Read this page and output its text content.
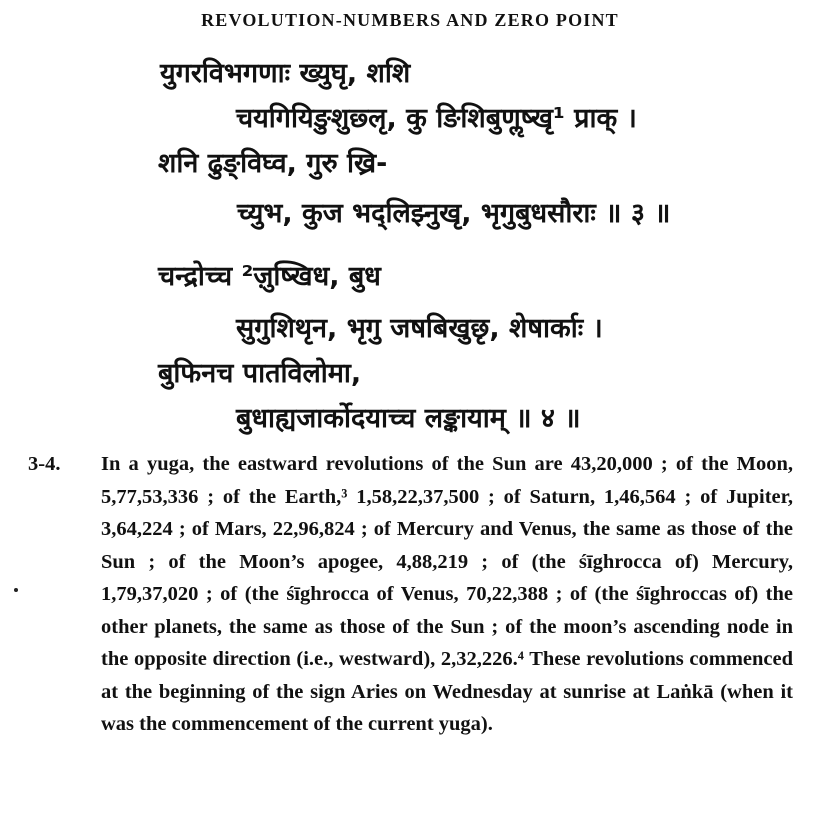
REVOLUTION-NUMBERS AND ZERO POINT
युगरविभगणाः ख्युघृ, शशि
चयगियिङुशुछ्लृ, कु ङिशिबुणॢष्खृ¹ प्राक् ।
शनि ढुङ्विघ्व, गुरु ख्रि-
च्युभ, कुज भद्लिझ्नुखृ, भृगुबुधसौराः ॥ ३ ॥
चन्द्रोच्च ²ज़ुष्खिध, बुध
सुगुशिथृन, भृगु जषबिखुछृ, शेषार्काः ।
बुफिनच पातविलोमा,
बुधाह्यजार्कोदयाच्च लङ्कायाम् ॥ ४ ॥
3-4. In a yuga, the eastward revolutions of the Sun are 43,20,000 ; of the Moon, 5,77,53,336 ; of the Earth,³ 1,58,22,37,500 ; of Saturn, 1,46,564 ; of Jupiter, 3,64,224 ; of Mars, 22,96,824 ; of Mercury and Venus, the same as those of the Sun ; of the Moon’s apogee, 4,88,219 ; of (the śīghrocca of) Mercury, 1,79,37,020 ; of (the śīghrocca of Venus, 70,22,388 ; of (the śīghroccas of) the other planets, the same as those of the Sun ; of the moon’s ascending node in the opposite direction (i.e., westward), 2,32,226.⁴ These revolutions commenced at the beginning of the sign Aries on Wednesday at sunrise at Laṅkā (when it was the commencement of the current yuga).
